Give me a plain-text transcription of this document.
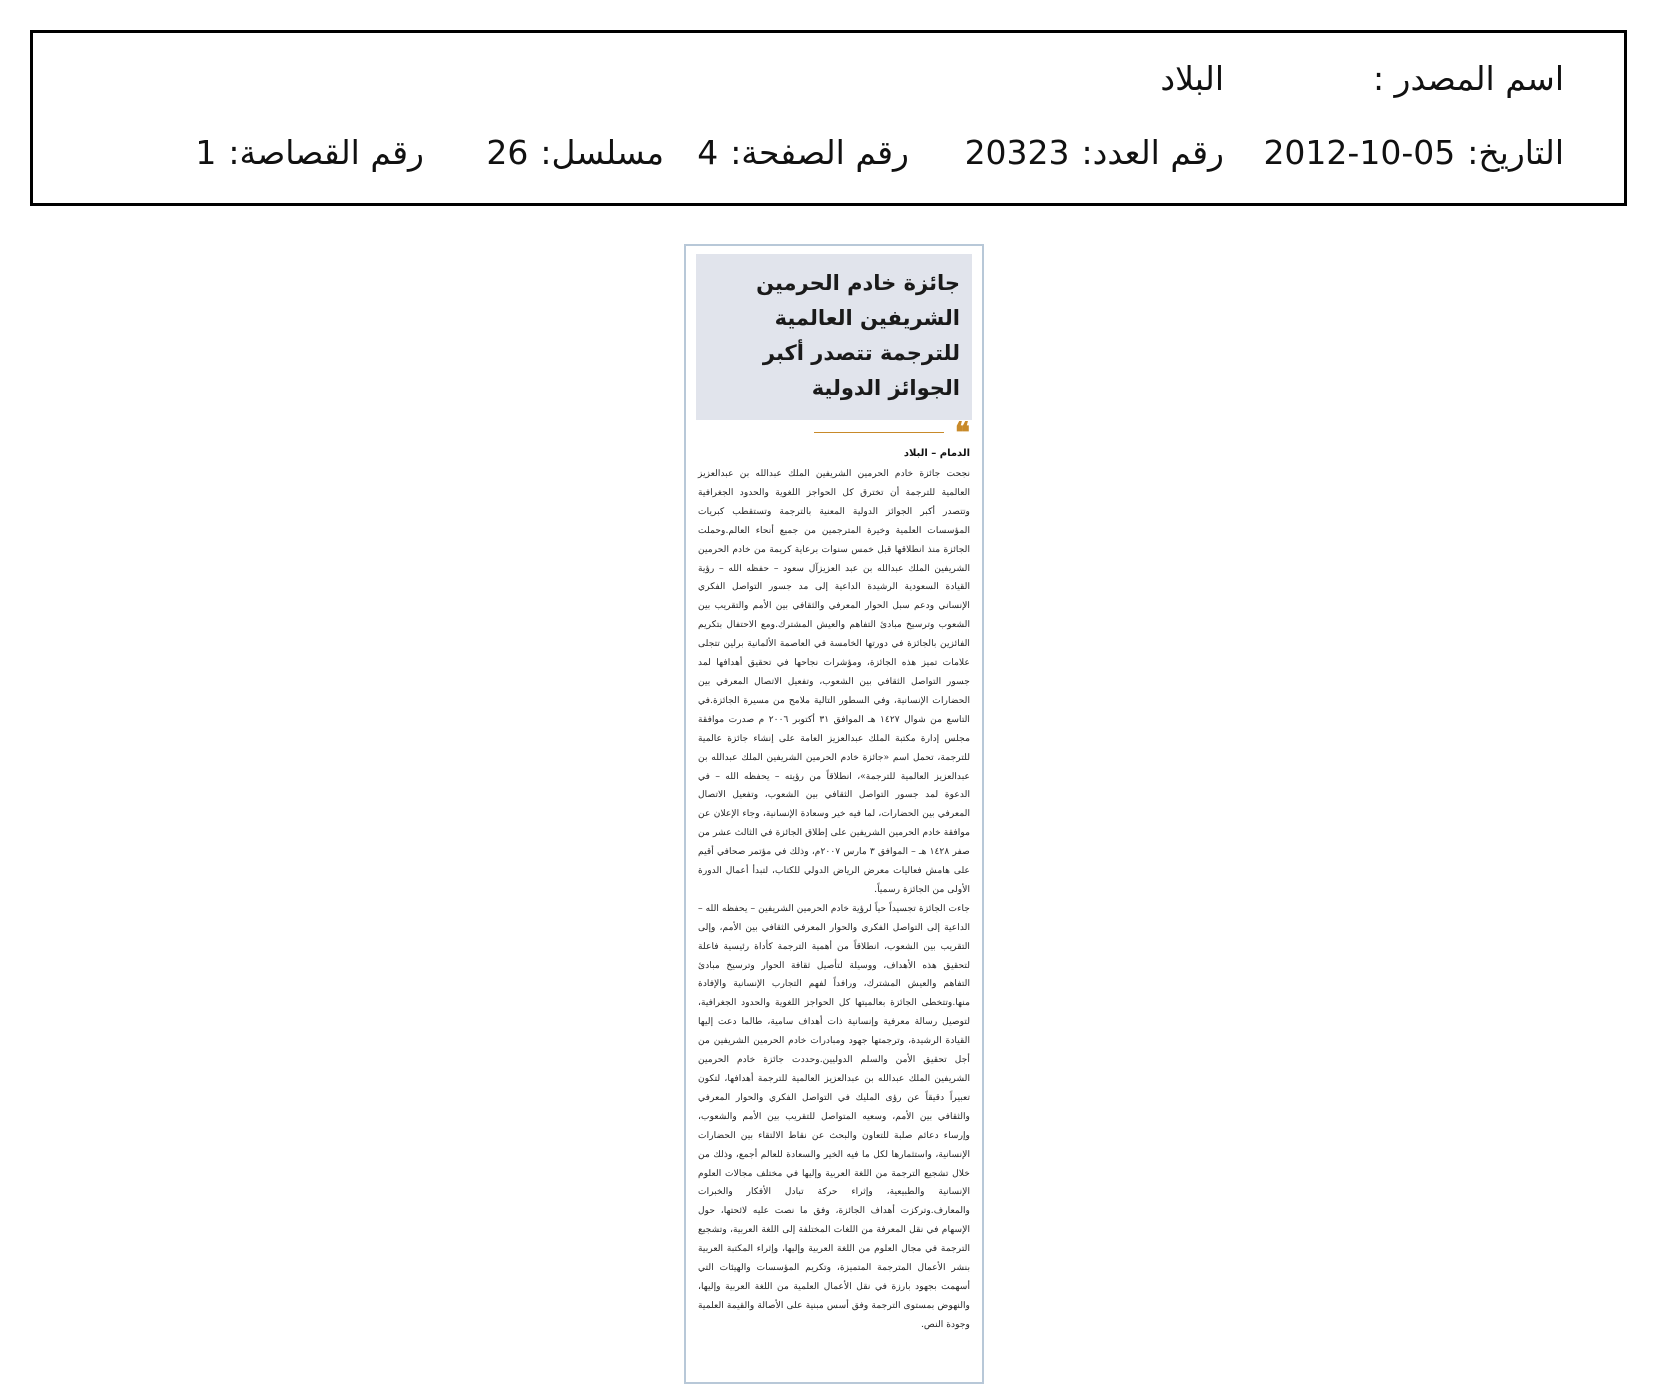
اسم المصدر :
البلاد
التاريخ:2012-10-05
رقم العدد:20323
رقم الصفحة:4
مسلسل:26
رقم القصاصة:1
جائزة خادم الحرمين الشريفين العالمية للترجمة تتصدر أكبر الجوائز الدولية
❝
الدمام – البلاد

نجحت جائزة خادم الحرمين الشريفين الملك عبدالله بن عبدالعزيز العالمية للترجمة أن تخترق كل الحواجز اللغوية والحدود الجغرافية وتتصدر أكبر الجوائز الدولية المعنية بالترجمة وتستقطب كبريات المؤسسات العلمية وخيرة المترجمين من جميع أنحاء العالم.وحملت الجائزة منذ انطلاقها قبل خمس سنوات برعاية كريمة من خادم الحرمين الشريفين الملك عبدالله بن عبد العزيزآل سعود – حفظه الله – رؤية القيادة السعودية الرشيدة الداعية إلى مد جسور التواصل الفكري الإنساني ودعم سبل الحوار المعرفي والثقافي بين الأمم والتقريب بين الشعوب وترسيخ مبادئ التفاهم والعيش المشترك.ومع الاحتفال بتكريم الفائزين بالجائزة في دورتها الخامسة في العاصمة الألمانية برلين تتجلى علامات تميز هذه الجائزة، ومؤشرات نجاحها في تحقيق أهدافها لمد جسور التواصل الثقافي بين الشعوب، وتفعيل الاتصال المعرفي بين الحضارات الإنسانية، وفي السطور التالية ملامح من مسيرة الجائزة.في التاسع من شوال ١٤٢٧ هـ الموافق ٣١ أكتوبر ٢٠٠٦ م صدرت موافقة مجلس إدارة مكتبة الملك عبدالعزيز العامة على إنشاء جائزة عالمية للترجمة، تحمل اسم «جائزة خادم الحرمين الشريفين الملك عبدالله بن عبدالعزيز العالمية للترجمة»، انطلاقاً من رؤيته – يحفظه الله – في الدعوة لمد جسور التواصل الثقافي بين الشعوب، وتفعيل الاتصال المعرفي بين الحضارات، لما فيه خير وسعادة الإنسانية، وجاء الإعلان عن موافقة خادم الحرمين الشريفين على إطلاق الجائزة في الثالث عشر من صفر ١٤٢٨ هـ – الموافق ٣ مارس ٢٠٠٧م، وذلك في مؤتمر صحافي أقيم على هامش فعاليات معرض الرياض الدولي للكتاب، لتبدأ أعمال الدورة الأولى من الجائزة رسمياً.

جاءت الجائزة تجسيداً حياً لرؤية خادم الحرمين الشريفين – يحفظه الله – الداعية إلى التواصل الفكري والحوار المعرفي الثقافي بين الأمم، وإلى التقريب بين الشعوب، انطلاقاً من أهمية الترجمة كأداة رئيسية فاعلة لتحقيق هذه الأهداف، ووسيلة لتأصيل ثقافة الحوار وترسيخ مبادئ التفاهم والعيش المشترك، ورافداً لفهم التجارب الإنسانية والإفادة منها.وتتخطى الجائزة بعالميتها كل الحواجز اللغوية والحدود الجغرافية، لتوصيل رسالة معرفية وإنسانية ذات أهداف سامية، طالما دعت إليها القيادة الرشيدة، وترجمتها جهود ومبادرات خادم الحرمين الشريفين من أجل تحقيق الأمن والسلم الدوليين.وحددت جائزة خادم الحرمين الشريفين الملك عبدالله بن عبدالعزيز العالمية للترجمة أهدافها، لتكون تعبيراً دقيقاً عن رؤى المليك في التواصل الفكري والحوار المعرفي والثقافي بين الأمم، وسعيه المتواصل للتقريب بين الأمم والشعوب، وإرساء دعائم صلبة للتعاون والبحث عن نقاط الالتقاء بين الحضارات الإنسانية، واستثمارها لكل ما فيه الخير والسعادة للعالم أجمع، وذلك من خلال تشجيع الترجمة من اللغة العربية وإليها في مختلف مجالات العلوم الإنسانية والطبيعية، وإثراء حركة تبادل الأفكار والخبرات والمعارف.وتركزت أهداف الجائزة، وفق ما نصت عليه لائحتها، حول الإسهام في نقل المعرفة من اللغات المختلفة إلى اللغة العربية، وتشجيع الترجمة في مجال العلوم من اللغة العربية وإليها، وإثراء المكتبة العربية بنشر الأعمال المترجمة المتميزة، وتكريم المؤسسات والهيئات التي أسهمت بجهود بارزة في نقل الأعمال العلمية من اللغة العربية وإليها، والنهوض بمستوى الترجمة وفق أسس مبنية على الأصالة والقيمة العلمية وجودة النص.
